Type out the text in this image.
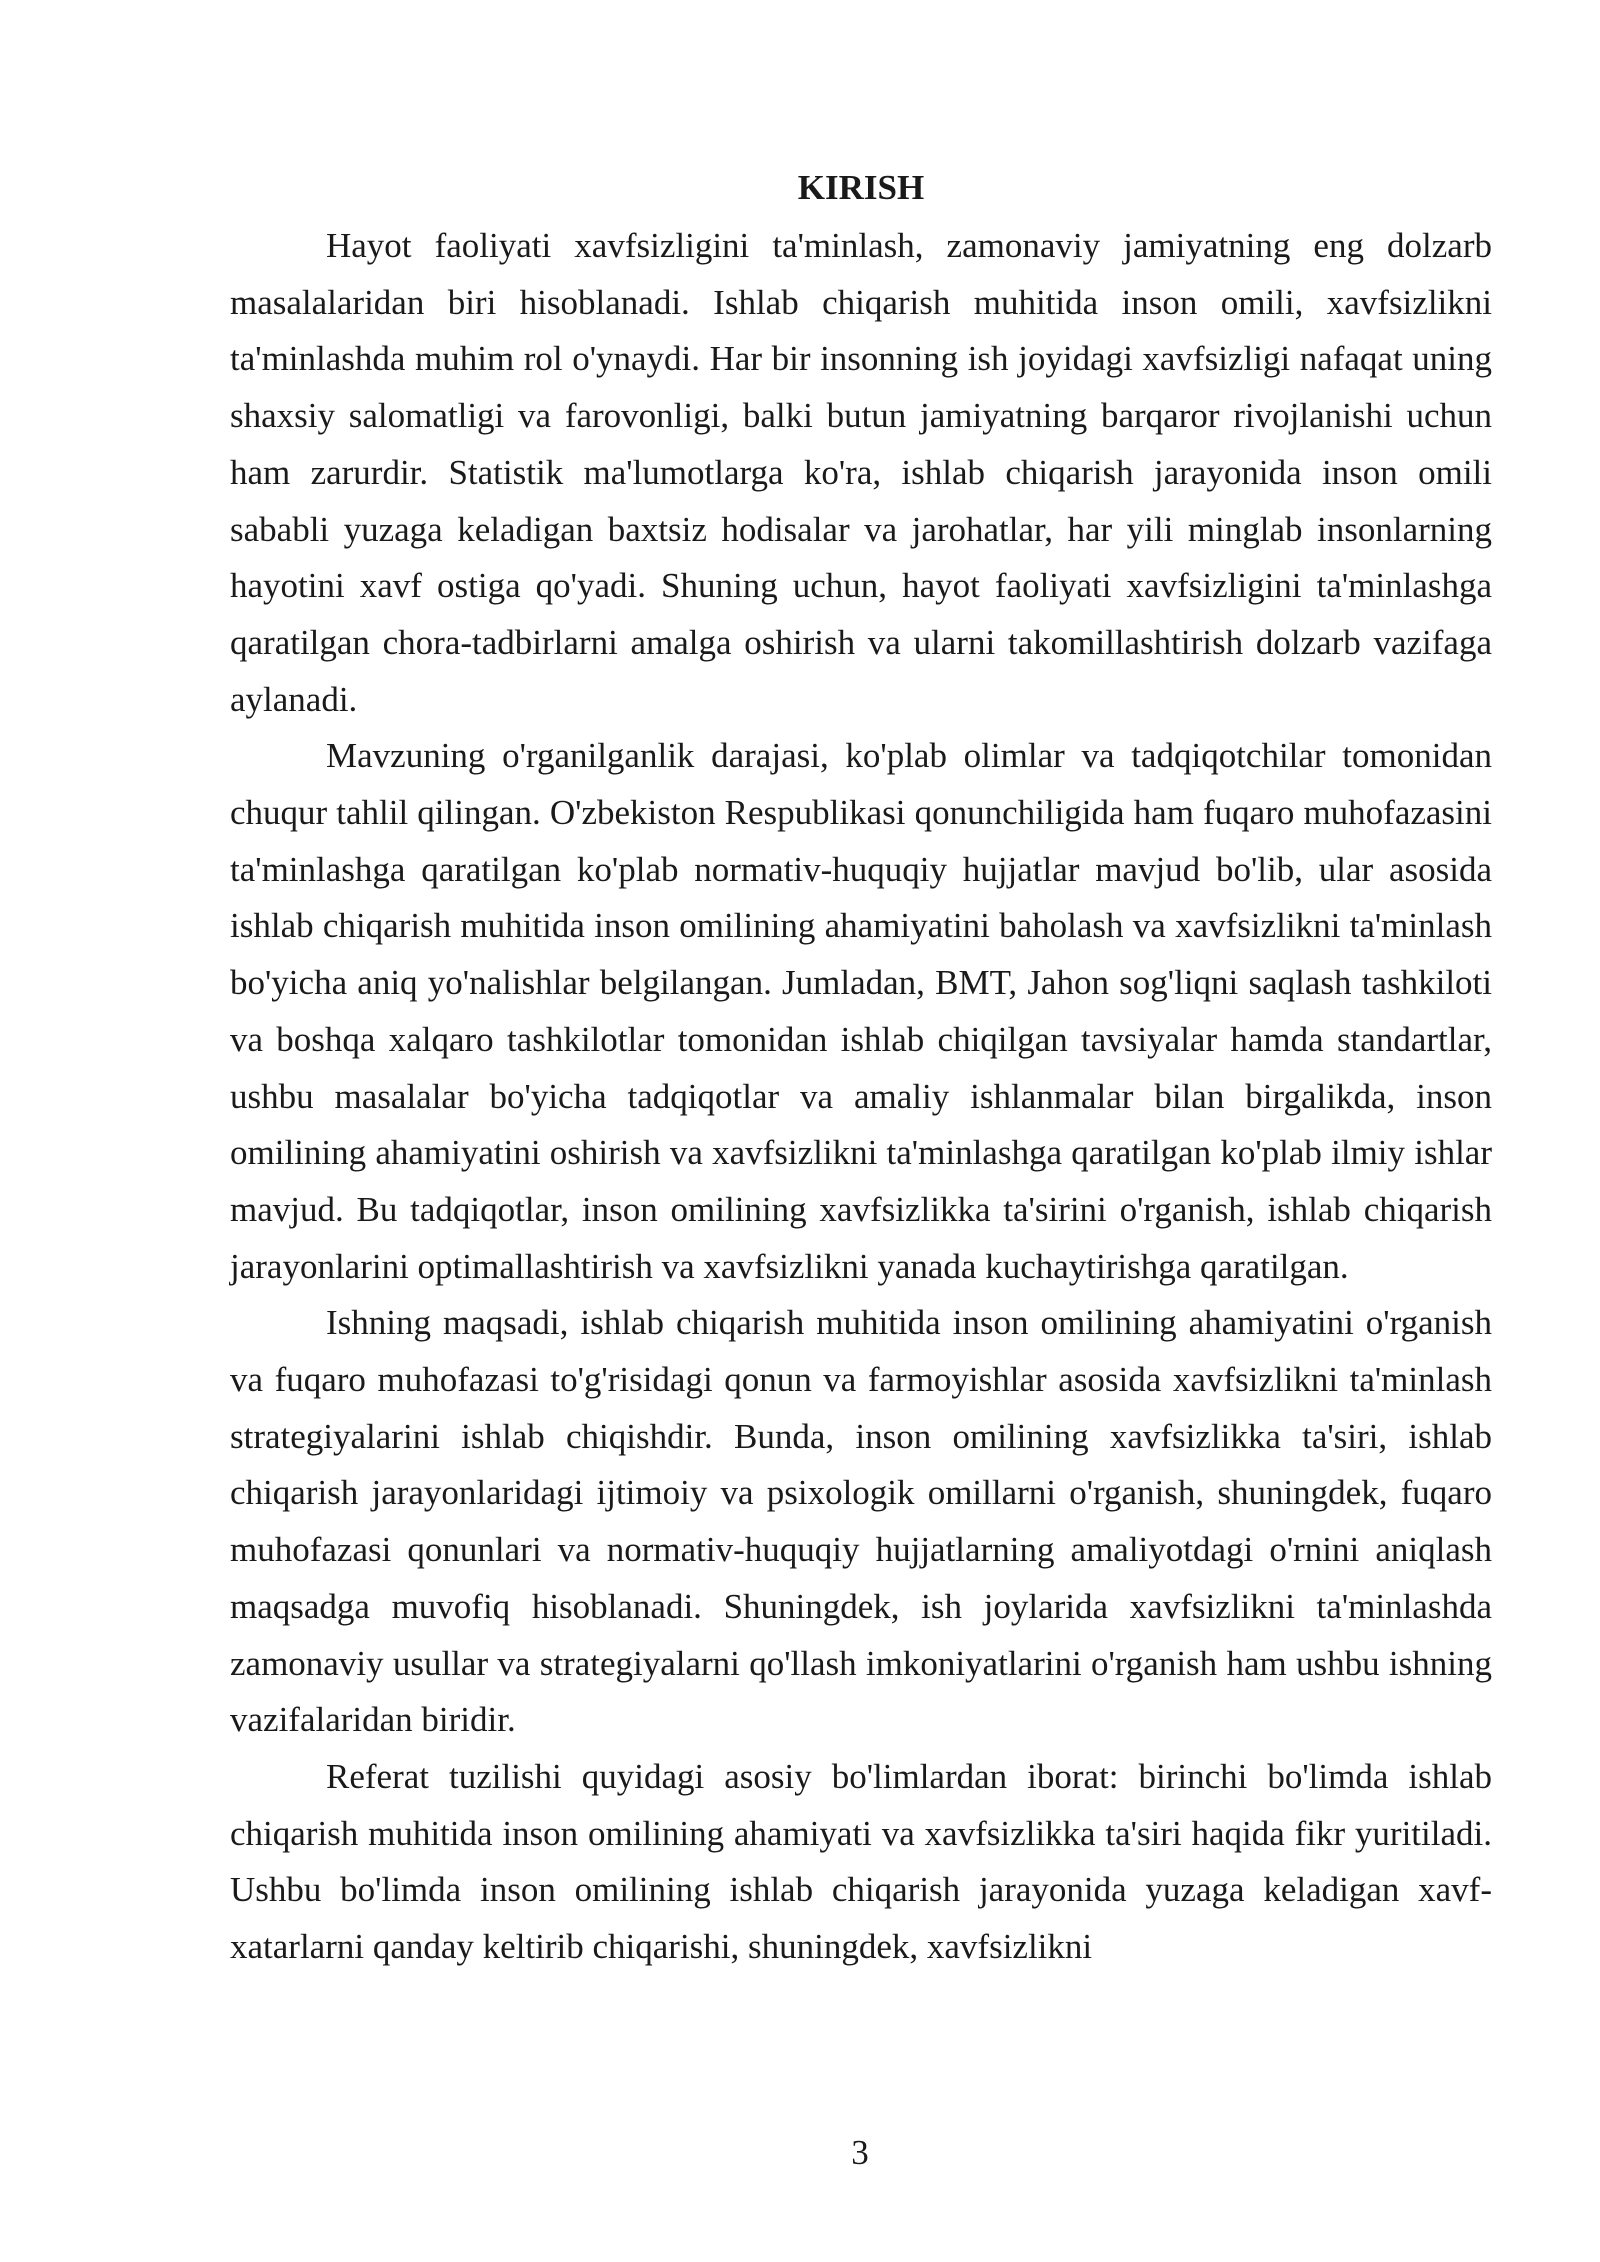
KIRISH

Hayot faoliyati xavfsizligini ta'minlash, zamonaviy jamiyatning eng dolzarb masalalaridan biri hisoblanadi. Ishlab chiqarish muhitida inson omili, xavfsizlikni ta'minlashda muhim rol o'ynaydi. Har bir insonning ish joyidagi xavfsizligi nafaqat uning shaxsiy salomatligi va farovonligi, balki butun jamiyatning barqaror rivojlanishi uchun ham zarurdir. Statistik ma'lumotlarga ko'ra, ishlab chiqarish jarayonida inson omili sababli yuzaga keladigan baxtsiz hodisalar va jarohatlar, har yili minglab insonlarning hayotini xavf ostiga qo'yadi. Shuning uchun, hayot faoliyati xavfsizligini ta'minlashga qaratilgan chora-tadbirlarni amalga oshirish va ularni takomillashtirish dolzarb vazifaga aylanadi.

Mavzuning o'rganilganlik darajasi, ko'plab olimlar va tadqiqotchilar tomonidan chuqur tahlil qilingan. O'zbekiston Respublikasi qonunchiligida ham fuqaro muhofazasini ta'minlashga qaratilgan ko'plab normativ-huquqiy hujjatlar mavjud bo'lib, ular asosida ishlab chiqarish muhitida inson omilining ahamiyatini baholash va xavfsizlikni ta'minlash bo'yicha aniq yo'nalishlar belgilangan. Jumladan, BMT, Jahon sog'liqni saqlash tashkiloti va boshqa xalqaro tashkilotlar tomonidan ishlab chiqilgan tavsiyalar hamda standartlar, ushbu masalalar bo'yicha tadqiqotlar va amaliy ishlanmalar bilan birgalikda, inson omilining ahamiyatini oshirish va xavfsizlikni ta'minlashga qaratilgan ko'plab ilmiy ishlar mavjud. Bu tadqiqotlar, inson omilining xavfsizlikka ta'sirini o'rganish, ishlab chiqarish jarayonlarini optimallashtirish va xavfsizlikni yanada kuchaytirishga qaratilgan.

Ishning maqsadi, ishlab chiqarish muhitida inson omilining ahamiyatini o'rganish va fuqaro muhofazasi to'g'risidagi qonun va farmoyishlar asosida xavfsizlikni ta'minlash strategiyalarini ishlab chiqishdir. Bunda, inson omilining xavfsizlikka ta'siri, ishlab chiqarish jarayonlaridagi ijtimoiy va psixologik omillarni o'rganish, shuningdek, fuqaro muhofazasi qonunlari va normativ-huquqiy hujjatlarning amaliyotdagi o'rnini aniqlash maqsadga muvofiq hisoblanadi. Shuningdek, ish joylarida xavfsizlikni ta'minlashda zamonaviy usullar va strategiyalarni qo'llash imkoniyatlarini o'rganish ham ushbu ishning vazifalaridan biridir.

Referat tuzilishi quyidagi asosiy bo'limlardan iborat: birinchi bo'limda ishlab chiqarish muhitida inson omilining ahamiyati va xavfsizlikka ta'siri haqida fikr yuritiladi. Ushbu bo'limda inson omilining ishlab chiqarish jarayonida yuzaga keladigan xavf-xatarlarni qanday keltirib chiqarishi, shuningdek, xavfsizlikni

3
